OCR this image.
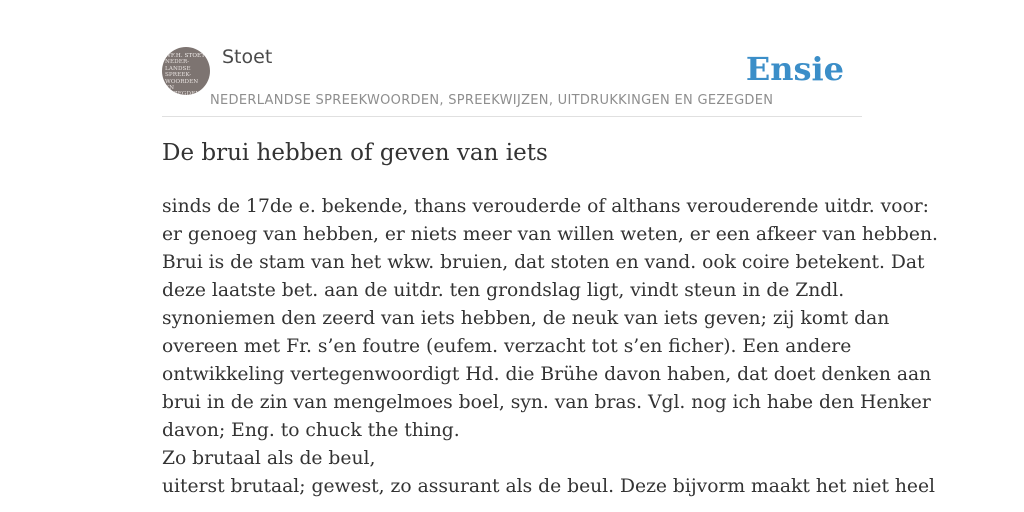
WF.H. STOET
NEDER-
LANDSE
SPREEK-
WOORDEN EN
GEZEGDEN
Stoet
NEDERLANDSE SPREEKWOORDEN, SPREEKWIJZEN, UITDRUKKINGEN EN GEZEGDEN
Ensie
De brui hebben of geven van iets
sinds de 17de e. bekende, thans verouderde of althans verouderende uitdr. voor:
er genoeg van hebben, er niets meer van willen weten, er een afkeer van hebben.
Brui is de stam van het wkw. bruien, dat stoten en vand. ook coire betekent. Dat
deze laatste bet. aan de uitdr. ten grondslag ligt, vindt steun in de Zndl.
synoniemen den zeerd van iets hebben, de neuk van iets geven; zij komt dan
overeen met Fr. s’en foutre (eufem. verzacht tot s’en ficher). Een andere
ontwikkeling vertegenwoordigt Hd. die Brühe davon haben, dat doet denken aan
brui in de zin van mengelmoes boel, syn. van bras. Vgl. nog ich habe den Henker
davon; Eng. to chuck the thing.
Zo brutaal als de beul,
uiterst brutaal; gewest, zo assurant als de beul. Deze bijvorm maakt het niet heel
